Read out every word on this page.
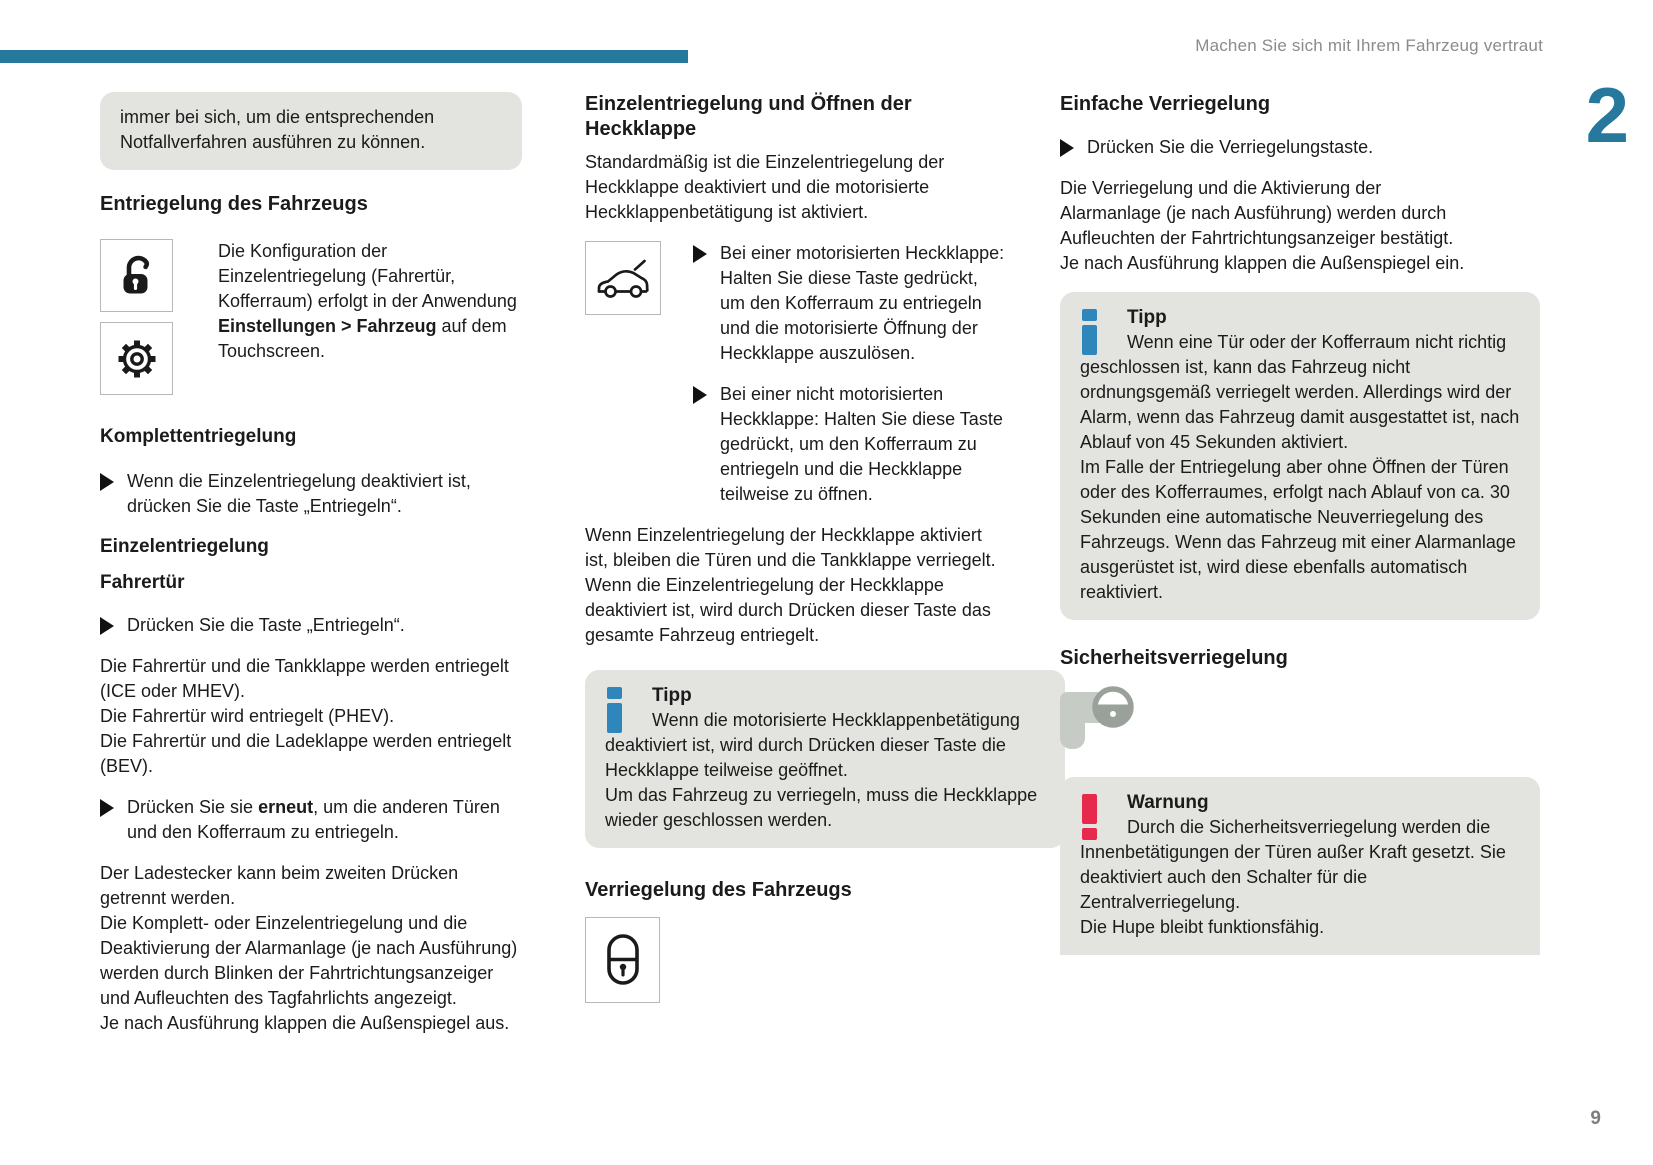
Machen Sie sich mit Ihrem Fahrzeug vertraut
2
immer bei sich, um die entsprechenden Notfallverfahren ausführen zu können.
Entriegelung des Fahrzeugs
Die Konfiguration der Einzelentriegelung (Fahrertür, Kofferraum) erfolgt in der Anwendung Einstellungen > Fahrzeug auf dem Touchscreen.
Komplettentriegelung
Wenn die Einzelentriegelung deaktiviert ist, drücken Sie die Taste „Entriegeln“.
Einzelentriegelung
Fahrertür
Drücken Sie die Taste „Entriegeln“.
Die Fahrertür und die Tankklappe werden entriegelt (ICE oder MHEV).
Die Fahrertür wird entriegelt (PHEV).
Die Fahrertür und die Ladeklappe werden entriegelt (BEV).
Drücken Sie sie erneut, um die anderen Türen und den Kofferraum zu entriegeln.
Der Ladestecker kann beim zweiten Drücken getrennt werden.
Die Komplett- oder Einzelentriegelung und die Deaktivierung der Alarmanlage (je nach Ausführung) werden durch Blinken der Fahrtrichtungsanzeiger und Aufleuchten des Tagfahrlichts angezeigt.
Je nach Ausführung klappen die Außenspiegel aus.
Einzelentriegelung und Öffnen der Heckklappe
Standardmäßig ist die Einzelentriegelung der Heckklappe deaktiviert und die motorisierte Heckklappenbetätigung ist aktiviert.
Bei einer motorisierten Heckklappe: Halten Sie diese Taste gedrückt, um den Kofferraum zu entriegeln und die motorisierte Öffnung der Heckklappe auszulösen.
Bei einer nicht motorisierten Heckklappe: Halten Sie diese Taste gedrückt, um den Kofferraum zu entriegeln und die Heckklappe teilweise zu öffnen.
Wenn Einzelentriegelung der Heckklappe aktiviert ist, bleiben die Türen und die Tankklappe verriegelt.
Wenn die Einzelentriegelung der Heckklappe deaktiviert ist, wird durch Drücken dieser Taste das gesamte Fahrzeug entriegelt.
Tipp
Wenn die motorisierte Heckklappenbetätigung deaktiviert ist, wird durch Drücken dieser Taste die Heckklappe teilweise geöffnet.
Um das Fahrzeug zu verriegeln, muss die Heckklappe wieder geschlossen werden.
Verriegelung des Fahrzeugs
Einfache Verriegelung
Drücken Sie die Verriegelungstaste.
Die Verriegelung und die Aktivierung der Alarmanlage (je nach Ausführung) werden durch Aufleuchten der Fahrtrichtungsanzeiger bestätigt.
Je nach Ausführung klappen die Außenspiegel ein.
Tipp
Wenn eine Tür oder der Kofferraum nicht richtig geschlossen ist, kann das Fahrzeug nicht ordnungsgemäß verriegelt werden. Allerdings wird der Alarm, wenn das Fahrzeug damit ausgestattet ist, nach Ablauf von 45 Sekunden aktiviert.
Im Falle der Entriegelung aber ohne Öffnen der Türen oder des Kofferraumes, erfolgt nach Ablauf von ca. 30 Sekunden eine automatische Neuverriegelung des Fahrzeugs. Wenn das Fahrzeug mit einer Alarmanlage ausgerüstet ist, wird diese ebenfalls automatisch reaktiviert.
Sicherheitsverriegelung
Warnung
Durch die Sicherheitsverriegelung werden die Innenbetätigungen der Türen außer Kraft gesetzt. Sie deaktiviert auch den Schalter für die Zentralverriegelung.
Die Hupe bleibt funktionsfähig.
9
